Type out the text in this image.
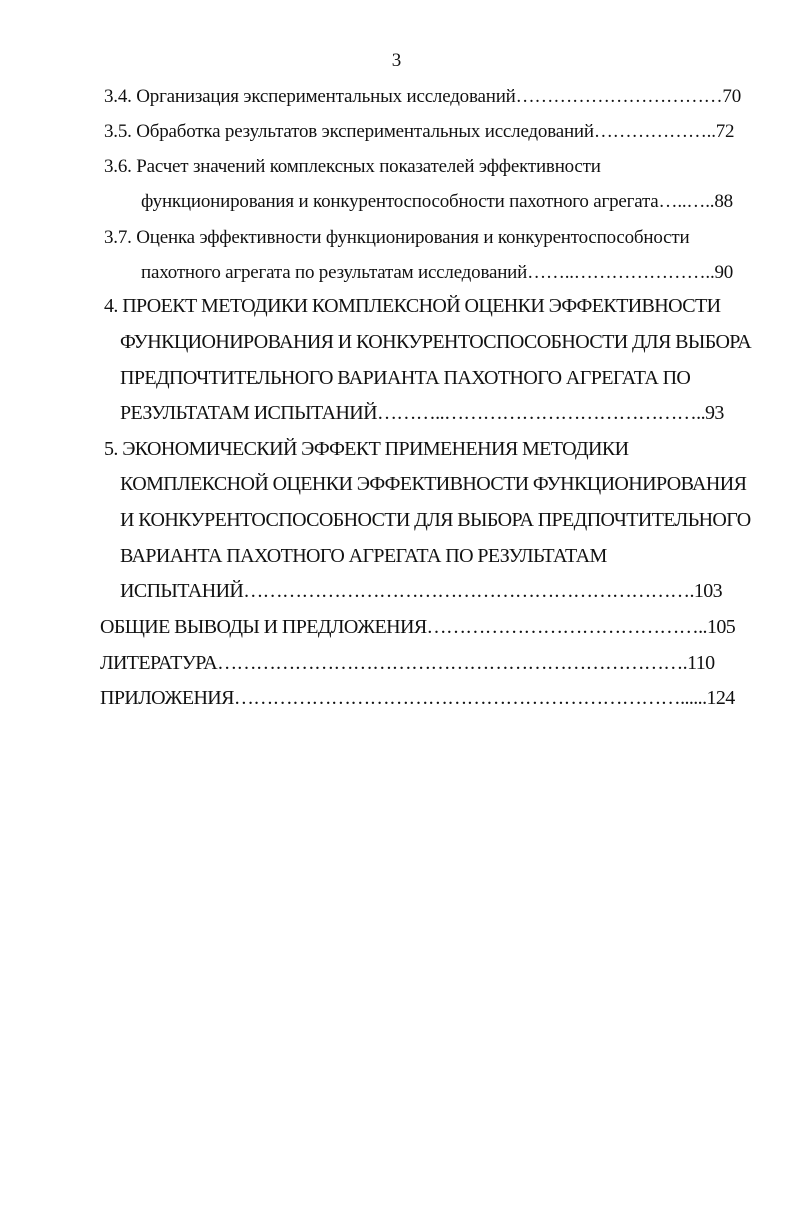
3
3.4. Организация экспериментальных исследований……………………………70
3.5. Обработка результатов экспериментальных исследований………………..72
3.6. Расчет значений комплексных показателей эффективности
функционирования и конкурентоспособности пахотного агрегата…..…..88
3.7. Оценка эффективности функционирования и конкурентоспособности
пахотного агрегата по результатам исследований……..…………………..90
4. ПРОЕКТ МЕТОДИКИ КОМПЛЕКСНОЙ ОЦЕНКИ ЭФФЕКТИВНОСТИ
ФУНКЦИОНИРОВАНИЯ И КОНКУРЕНТОСПОСОБНОСТИ ДЛЯ ВЫБОРА
ПРЕДПОЧТИТЕЛЬНОГО ВАРИАНТА ПАХОТНОГО АГРЕГАТА ПО
РЕЗУЛЬТАТАМ ИСПЫТАНИЙ………..…………………………………..93
5. ЭКОНОМИЧЕСКИЙ ЭФФЕКТ ПРИМЕНЕНИЯ МЕТОДИКИ
КОМПЛЕКСНОЙ ОЦЕНКИ ЭФФЕКТИВНОСТИ ФУНКЦИОНИРОВАНИЯ
И КОНКУРЕНТОСПОСОБНОСТИ ДЛЯ ВЫБОРА ПРЕДПОЧТИТЕЛЬНОГО
ВАРИАНТА ПАХОТНОГО АГРЕГАТА ПО РЕЗУЛЬТАТАМ
ИСПЫТАНИЙ…………………………………………………………….103
ОБЩИЕ ВЫВОДЫ И ПРЕДЛОЖЕНИЯ……………………………………..105
ЛИТЕРАТУРА……………………………………………………………….110
ПРИЛОЖЕНИЯ……………………………………………………………......124
